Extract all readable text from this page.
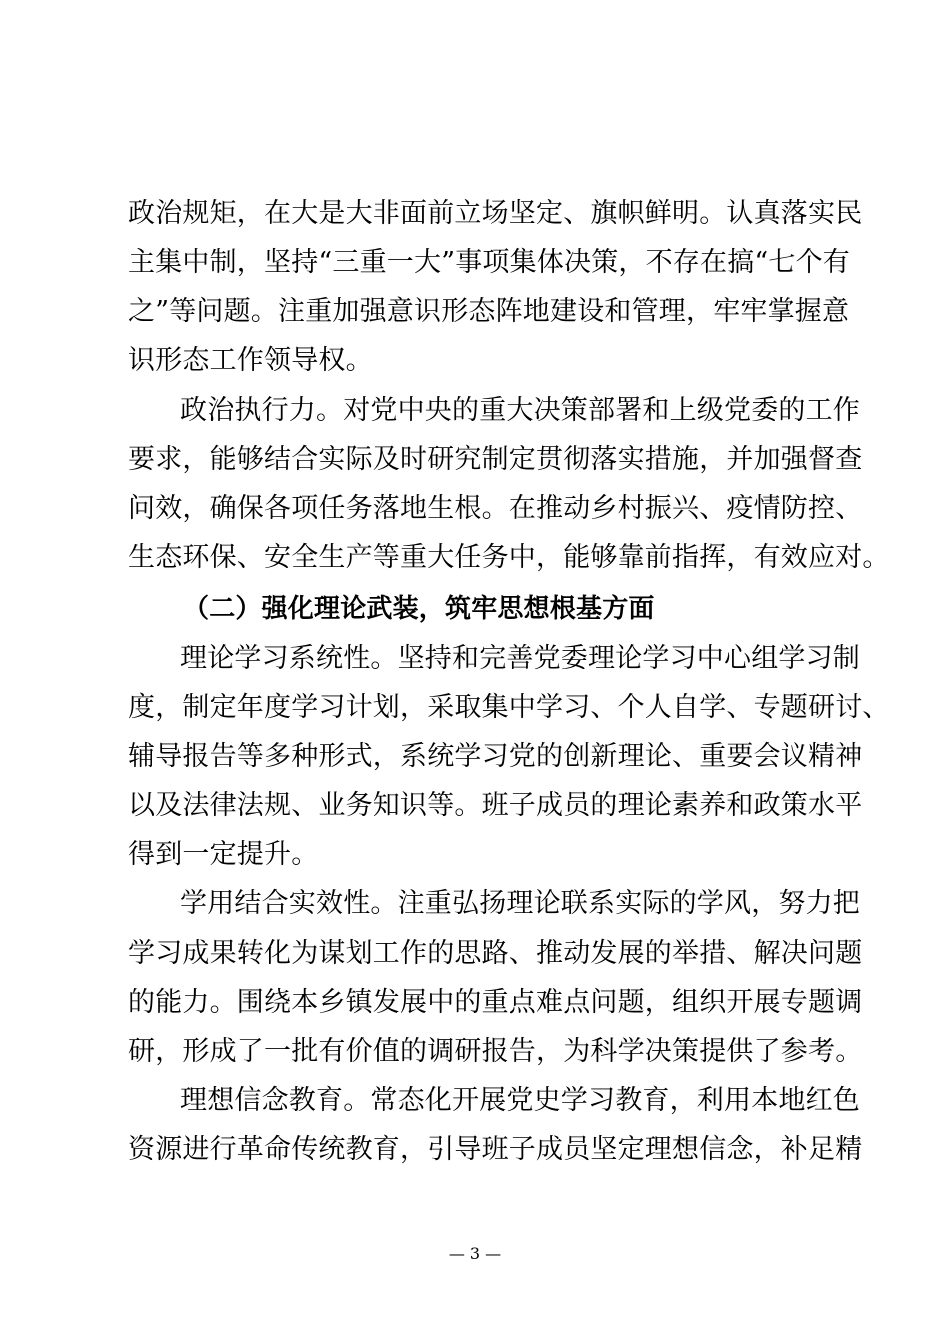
政治规矩，在大是大非面前立场坚定、旗帜鲜明。认真落实民
主集中制，坚持“三重一大”事项集体决策，不存在搞“七个有
之”等问题。注重加强意识形态阵地建设和管理，牢牢掌握意
识形态工作领导权。
政治执行力。对党中央的重大决策部署和上级党委的工作
要求，能够结合实际及时研究制定贯彻落实措施，并加强督查
问效，确保各项任务落地生根。在推动乡村振兴、疫情防控、
生态环保、安全生产等重大任务中，能够靠前指挥，有效应对。
（二）强化理论武装，筑牢思想根基方面
理论学习系统性。坚持和完善党委理论学习中心组学习制
度，制定年度学习计划，采取集中学习、个人自学、专题研讨、
辅导报告等多种形式，系统学习党的创新理论、重要会议精神
以及法律法规、业务知识等。班子成员的理论素养和政策水平
得到一定提升。
学用结合实效性。注重弘扬理论联系实际的学风，努力把
学习成果转化为谋划工作的思路、推动发展的举措、解决问题
的能力。围绕本乡镇发展中的重点难点问题，组织开展专题调
研，形成了一批有价值的调研报告，为科学决策提供了参考。
理想信念教育。常态化开展党史学习教育，利用本地红色
资源进行革命传统教育，引导班子成员坚定理想信念，补足精
— 3 —
